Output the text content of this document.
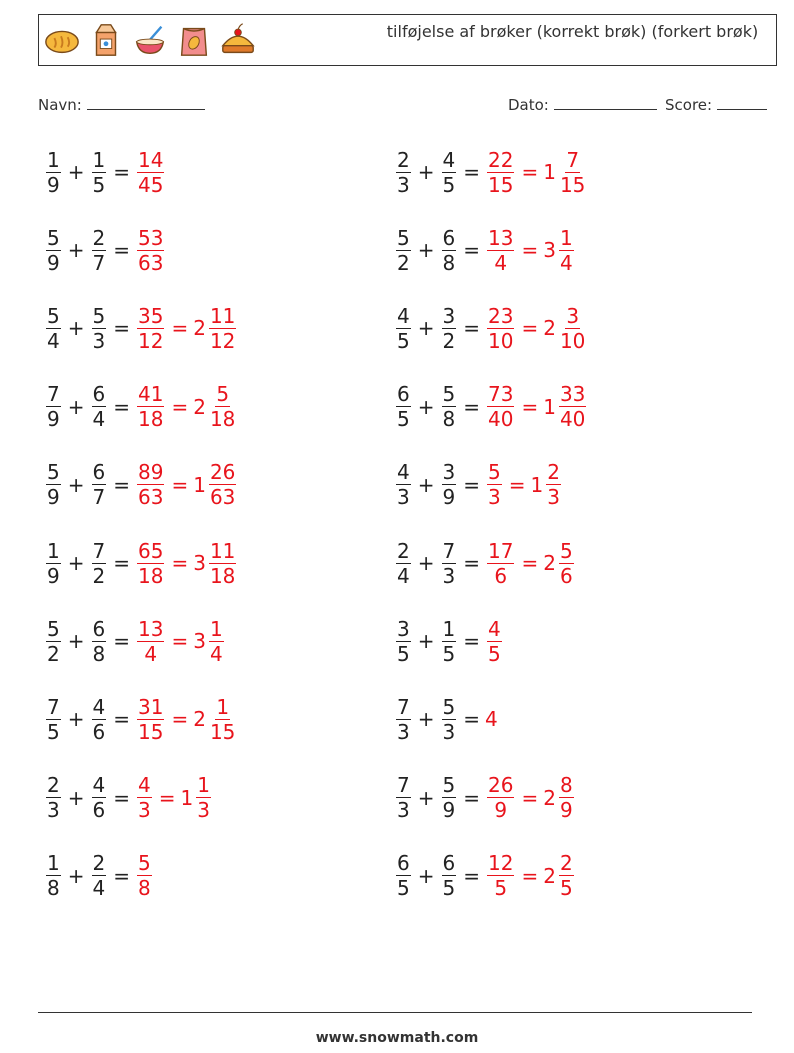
tilføjelse af brøker (korrekt brøk) (forkert brøk)
Navn:	Dato:	Score:
$\frac{1}{9} + \frac{1}{5} = \frac{14}{45}$	$\frac{2}{3} + \frac{4}{5} = \frac{22}{15} = 1 \frac{7}{15}$
$\frac{5}{9} + \frac{2}{7} = \frac{53}{63}$	$\frac{5}{2} + \frac{6}{8} = \frac{13}{4} = 3 \frac{1}{4}$
$\frac{5}{4} + \frac{5}{3} = \frac{35}{12} = 2 \frac{11}{12}$	$\frac{4}{5} + \frac{3}{2} = \frac{23}{10} = 2 \frac{3}{10}$
$\frac{7}{9} + \frac{6}{4} = \frac{41}{18} = 2 \frac{5}{18}$	$\frac{6}{5} + \frac{5}{8} = \frac{73}{40} = 1 \frac{33}{40}$
$\frac{5}{9} + \frac{6}{7} = \frac{89}{63} = 1 \frac{26}{63}$	$\frac{4}{3} + \frac{3}{9} = \frac{5}{3} = 1 \frac{2}{3}$
$\frac{1}{9} + \frac{7}{2} = \frac{65}{18} = 3 \frac{11}{18}$	$\frac{2}{4} + \frac{7}{3} = \frac{17}{6} = 2 \frac{5}{6}$
$\frac{5}{2} + \frac{6}{8} = \frac{13}{4} = 3 \frac{1}{4}$	$\frac{3}{5} + \frac{1}{5} = \frac{4}{5}$
$\frac{7}{5} + \frac{4}{6} = \frac{31}{15} = 2 \frac{1}{15}$	$\frac{7}{3} + \frac{5}{3} = 4$
$\frac{2}{3} + \frac{4}{6} = \frac{4}{3} = 1 \frac{1}{3}$	$\frac{7}{3} + \frac{5}{9} = \frac{26}{9} = 2 \frac{8}{9}$
$\frac{1}{8} + \frac{2}{4} = \frac{5}{8}$	$\frac{6}{5} + \frac{6}{5} = \frac{12}{5} = 2 \frac{2}{5}$
www.snowmath.com
